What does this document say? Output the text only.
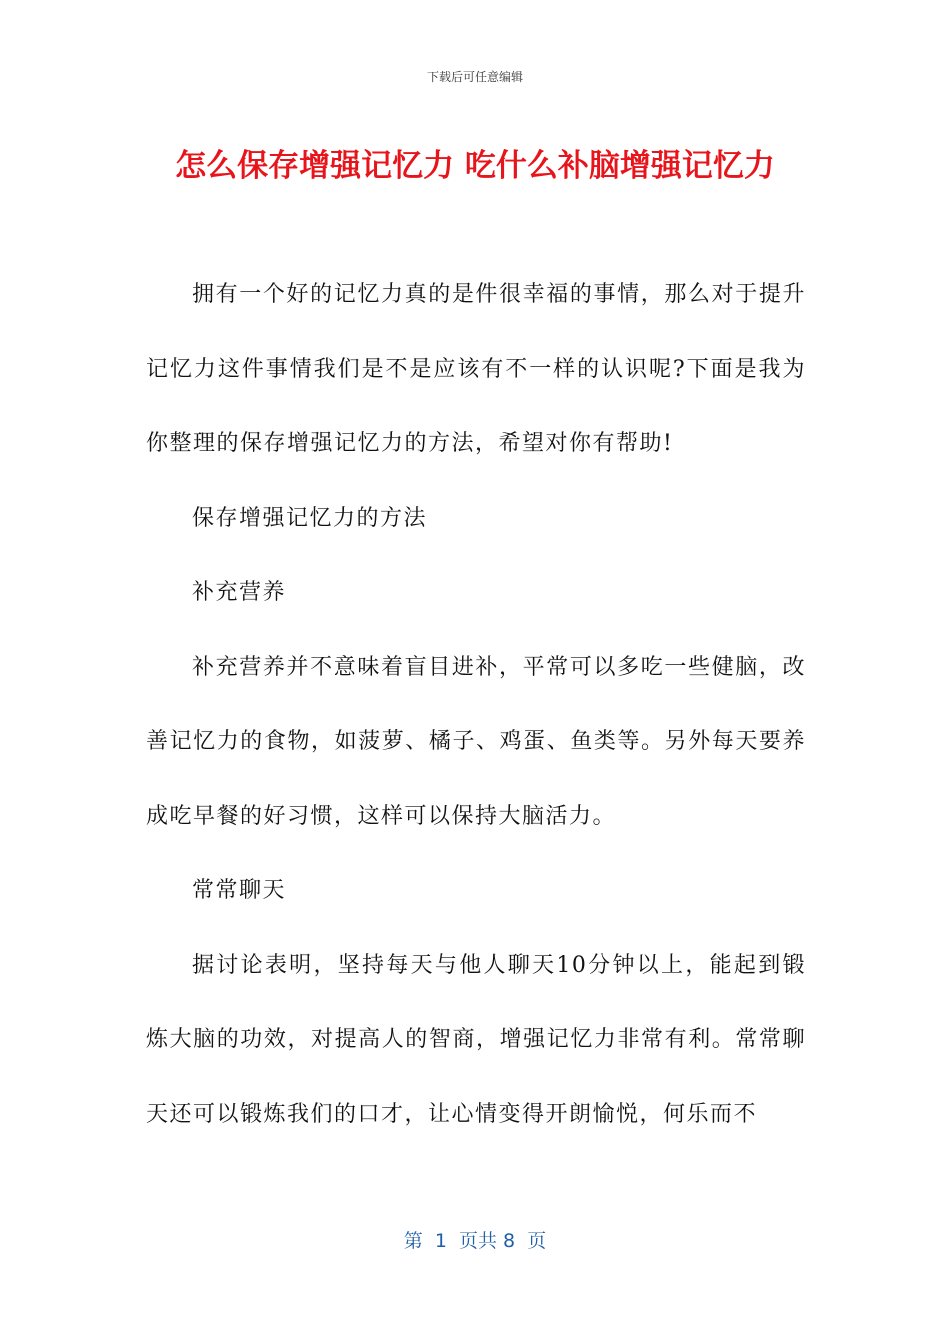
下载后可任意编辑
怎么保存增强记忆力 吃什么补脑增强记忆力

拥有一个好的记忆力真的是件很幸福的事情，那么对于提升记忆力这件事情我们是不是应该有不一样的认识呢?下面是我为你整理的保存增强记忆力的方法，希望对你有帮助!

保存增强记忆力的方法

补充营养

补充营养并不意味着盲目进补，平常可以多吃一些健脑，改善记忆力的食物，如菠萝、橘子、鸡蛋、鱼类等。另外每天要养成吃早餐的好习惯，这样可以保持大脑活力。

常常聊天

据讨论表明，坚持每天与他人聊天10分钟以上，能起到锻炼大脑的功效，对提高人的智商，增强记忆力非常有利。常常聊天还可以锻炼我们的口才，让心情变得开朗愉悦，何乐而不

第  1  页共 8  页
